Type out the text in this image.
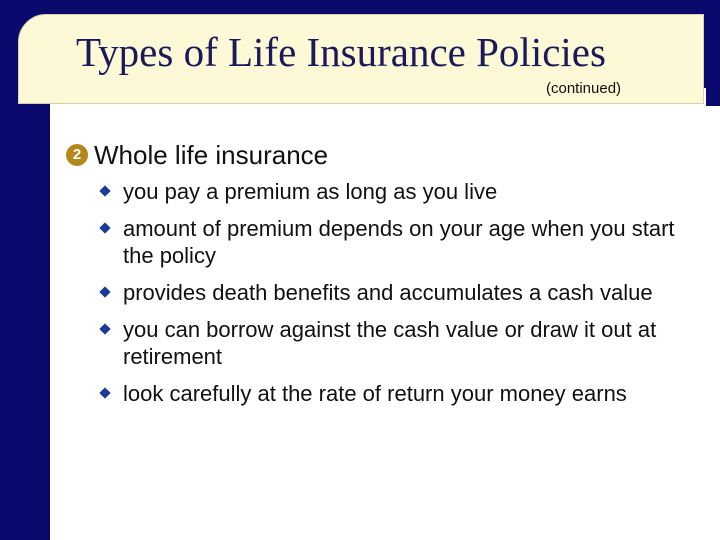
Types of Life Insurance Policies
(continued)
2 Whole life insurance
you pay a premium as long as you live
amount of premium depends on your age when you start the policy
provides death benefits and accumulates a cash value
you can borrow against the cash value or draw it out at retirement
look carefully at the rate of return your money earns
